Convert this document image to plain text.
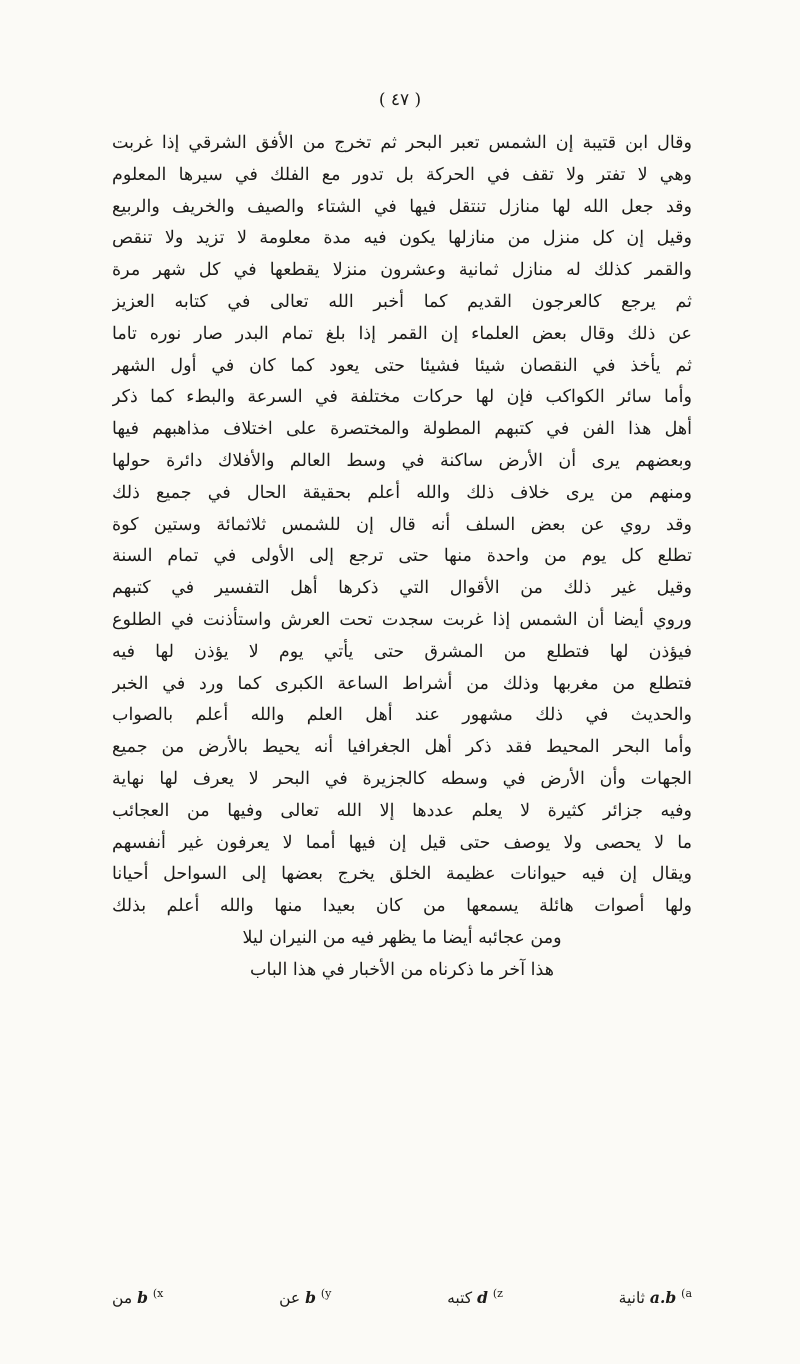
( ٤٧ )
وقال ابن قتيبة إن الشمس تعبر البحر ثم تخرج من الأفق الشرقي إذا غربت
وهي لا تفتر ولا تقف في الحركة بل تدور مع الفلك في سيرها المعلوم
وقد جعل الله لها منازل تنتقل فيها في الشتاء والصيف والخريف والربيع
وقيل إن كل منزل من منازلها يكون فيه مدة معلومة لا تزيد ولا تنقص
والقمر كذلك له منازل ثمانية وعشرون منزلا يقطعها في كل شهر مرة
ثم يرجع كالعرجون القديم كما أخبر الله تعالى في كتابه العزيز
عن ذلك وقال بعض العلماء إن القمر إذا بلغ تمام البدر صار نوره تاما
ثم يأخذ في النقصان شيئا فشيئا حتى يعود كما كان في أول الشهر
وأما سائر الكواكب فإن لها حركات مختلفة في السرعة والبطء كما ذكر
أهل هذا الفن في كتبهم المطولة والمختصرة على اختلاف مذاهبهم فيها
وبعضهم يرى أن الأرض ساكنة في وسط العالم والأفلاك دائرة حولها
ومنهم من يرى خلاف ذلك والله أعلم بحقيقة الحال في جميع ذلك
وقد روي عن بعض السلف أنه قال إن للشمس ثلاثمائة وستين كوة
تطلع كل يوم من واحدة منها حتى ترجع إلى الأولى في تمام السنة
وقيل غير ذلك من الأقوال التي ذكرها أهل التفسير في كتبهم
وروي أيضا أن الشمس إذا غربت سجدت تحت العرش واستأذنت في الطلوع
فيؤذن لها فتطلع من المشرق حتى يأتي يوم لا يؤذن لها فيه
فتطلع من مغربها وذلك من أشراط الساعة الكبرى كما ورد في الخبر
والحديث في ذلك مشهور عند أهل العلم والله أعلم بالصواب
وأما البحر المحيط فقد ذكر أهل الجغرافيا أنه يحيط بالأرض من جميع
الجهات وأن الأرض في وسطه كالجزيرة في البحر لا يعرف لها نهاية
وفيه جزائر كثيرة لا يعلم عددها إلا الله تعالى وفيها من العجائب
ما لا يحصى ولا يوصف حتى قيل إن فيها أمما لا يعرفون غير أنفسهم
ويقال إن فيه حيوانات عظيمة الخلق يخرج بعضها إلى السواحل أحيانا
ولها أصوات هائلة يسمعها من كان بعيدا منها والله أعلم بذلك
ومن عجائبه أيضا ما يظهر فيه من النيران ليلا
هذا آخر ما ذكرناه من الأخبار في هذا الباب
$^{a)}$ a.b ثانية
$^{z)}$ d كتبه
$^{y)}$ b عن
$^{x)}$ b من
